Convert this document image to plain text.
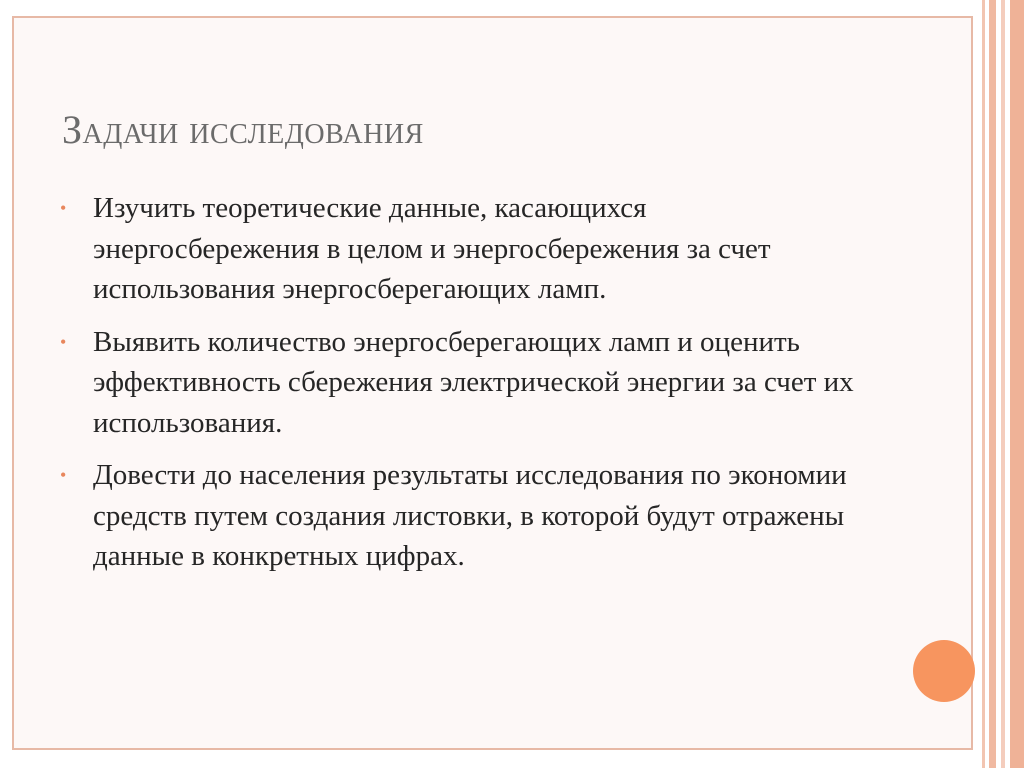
Задачи исследования
• Изучить теоретические данные, касающихся энергосбережения в целом и энергосбережения за счет использования энергосберегающих ламп.
• Выявить количество энергосберегающих ламп и оценить эффективность сбережения электрической энергии за счет их использования.
• Довести до населения результаты исследования по экономии средств путем создания листовки, в которой будут отражены данные в конкретных цифрах.
